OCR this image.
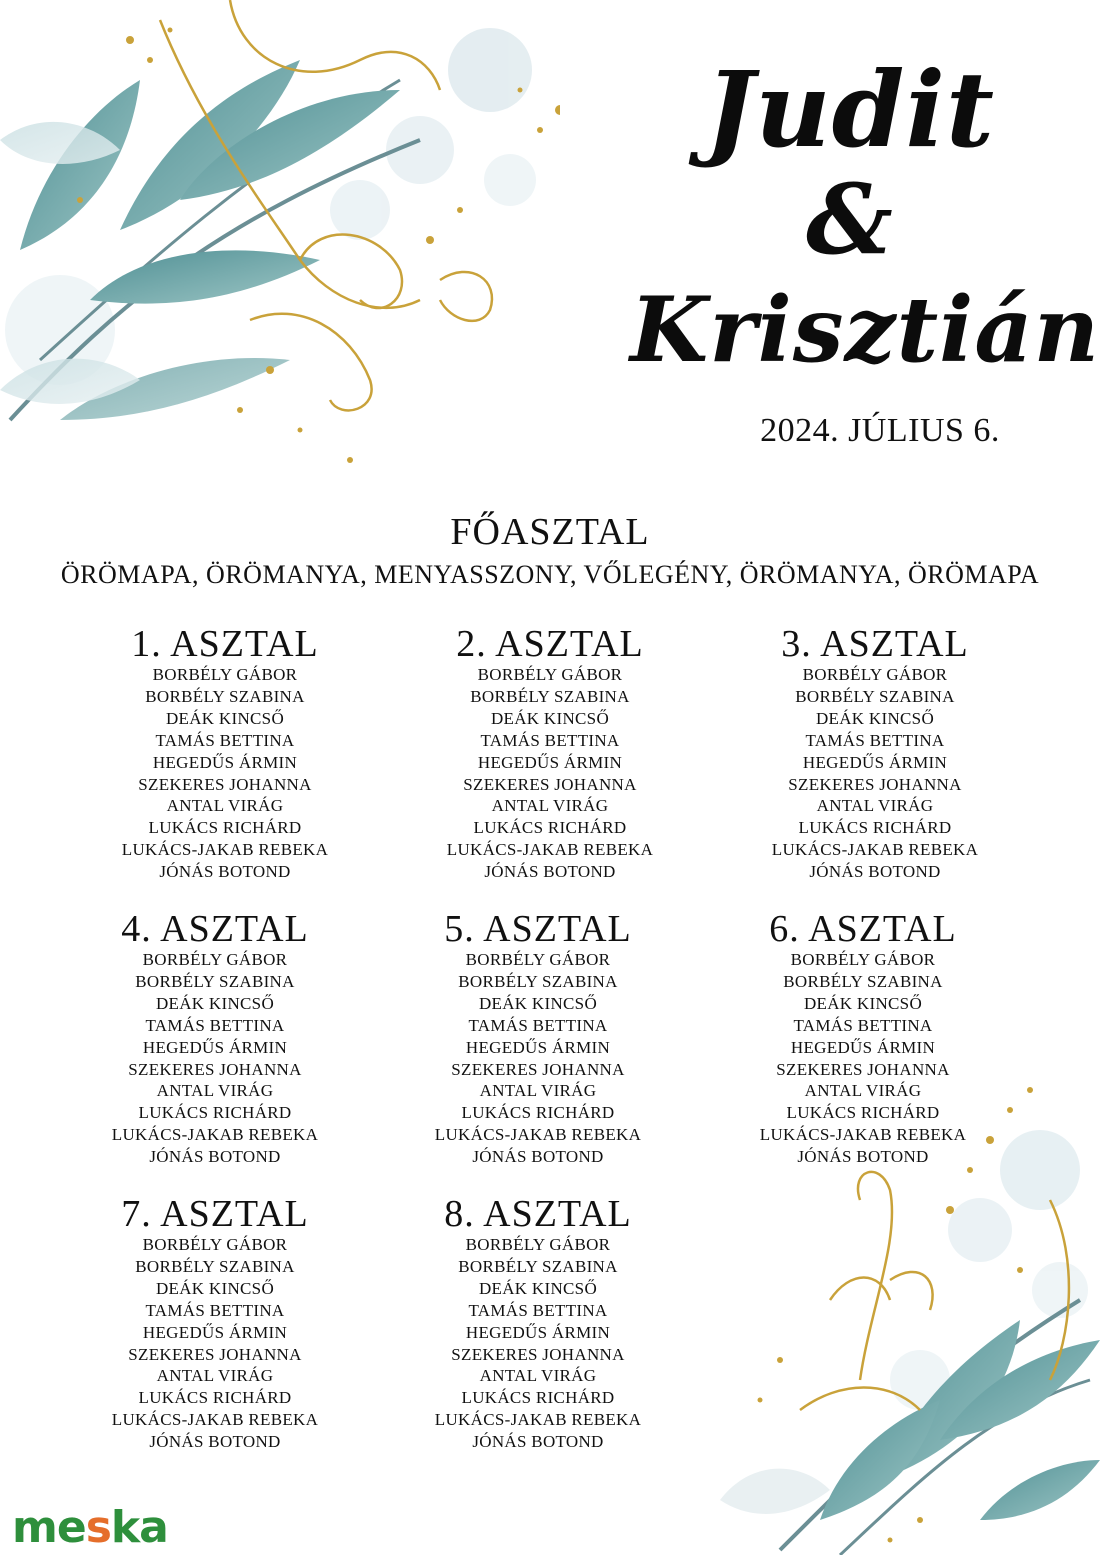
Judit
&
Krisztián
2024. JÚLIUS 6.
FŐASZTAL
ÖRÖMAPA, ÖRÖMANYA, MENYASSZONY, VŐLEGÉNY, ÖRÖMANYA, ÖRÖMAPA
1. ASZTAL
BORBÉLY GÁBOR
BORBÉLY SZABINA
DEÁK KINCSŐ
TAMÁS BETTINA
HEGEDŰS ÁRMIN
SZEKERES JOHANNA
ANTAL VIRÁG
LUKÁCS RICHÁRD
LUKÁCS-JAKAB REBEKA
JÓNÁS BOTOND
2. ASZTAL
BORBÉLY GÁBOR
BORBÉLY SZABINA
DEÁK KINCSŐ
TAMÁS BETTINA
HEGEDŰS ÁRMIN
SZEKERES JOHANNA
ANTAL VIRÁG
LUKÁCS RICHÁRD
LUKÁCS-JAKAB REBEKA
JÓNÁS BOTOND
3. ASZTAL
BORBÉLY GÁBOR
BORBÉLY SZABINA
DEÁK KINCSŐ
TAMÁS BETTINA
HEGEDŰS ÁRMIN
SZEKERES JOHANNA
ANTAL VIRÁG
LUKÁCS RICHÁRD
LUKÁCS-JAKAB REBEKA
JÓNÁS BOTOND
4. ASZTAL
BORBÉLY GÁBOR
BORBÉLY SZABINA
DEÁK KINCSŐ
TAMÁS BETTINA
HEGEDŰS ÁRMIN
SZEKERES JOHANNA
ANTAL VIRÁG
LUKÁCS RICHÁRD
LUKÁCS-JAKAB REBEKA
JÓNÁS BOTOND
5. ASZTAL
BORBÉLY GÁBOR
BORBÉLY SZABINA
DEÁK KINCSŐ
TAMÁS BETTINA
HEGEDŰS ÁRMIN
SZEKERES JOHANNA
ANTAL VIRÁG
LUKÁCS RICHÁRD
LUKÁCS-JAKAB REBEKA
JÓNÁS BOTOND
6. ASZTAL
BORBÉLY GÁBOR
BORBÉLY SZABINA
DEÁK KINCSŐ
TAMÁS BETTINA
HEGEDŰS ÁRMIN
SZEKERES JOHANNA
ANTAL VIRÁG
LUKÁCS RICHÁRD
LUKÁCS-JAKAB REBEKA
JÓNÁS BOTOND
7. ASZTAL
BORBÉLY GÁBOR
BORBÉLY SZABINA
DEÁK KINCSŐ
TAMÁS BETTINA
HEGEDŰS ÁRMIN
SZEKERES JOHANNA
ANTAL VIRÁG
LUKÁCS RICHÁRD
LUKÁCS-JAKAB REBEKA
JÓNÁS BOTOND
8. ASZTAL
BORBÉLY GÁBOR
BORBÉLY SZABINA
DEÁK KINCSŐ
TAMÁS BETTINA
HEGEDŰS ÁRMIN
SZEKERES JOHANNA
ANTAL VIRÁG
LUKÁCS RICHÁRD
LUKÁCS-JAKAB REBEKA
JÓNÁS BOTOND
meska
